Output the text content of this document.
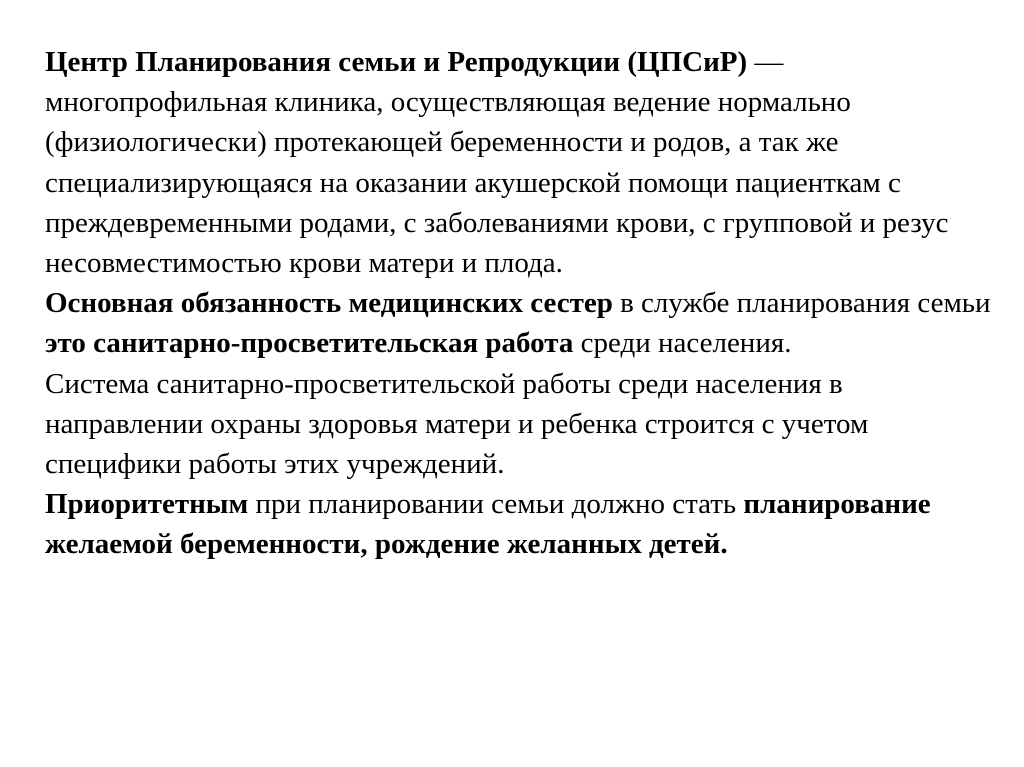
Центр Планирования семьи и Репродукции (ЦПСиР) — многопрофильная клиника, осуществляющая ведение нормально (физиологически) протекающей беременности и родов, а так же специализирующаяся на оказании акушерской помощи пациенткам с преждевременными родами, с заболеваниями крови, с групповой и резус несовместимостью крови матери и плода.

Основная обязанность медицинских сестер в службе планирования семьи это санитарно-просветительская работа среди населения.

Система санитарно-просветительской работы среди населения в направлении охраны здоровья матери и ребенка строится с учетом специфики работы этих учреждений.

Приоритетным при планировании семьи должно стать планирование желаемой беременности, рождение желанных детей.
